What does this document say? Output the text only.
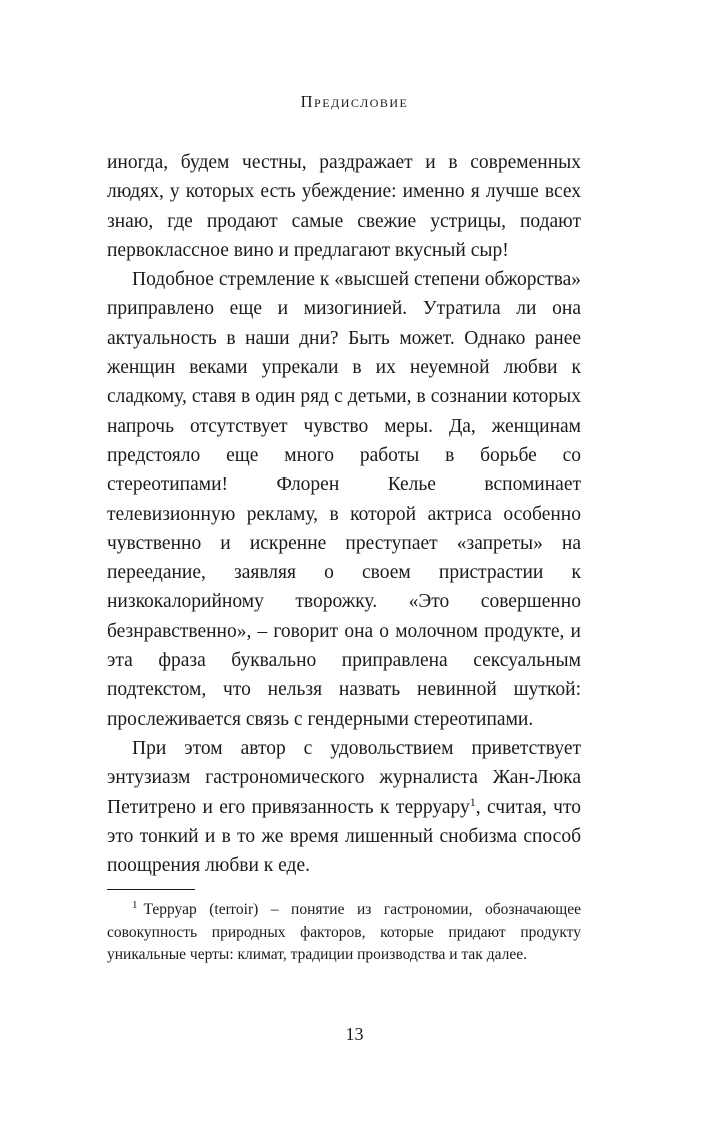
Предисловие

иногда, будем честны, раздражает и в современных людях, у которых есть убеждение: именно я лучше всех знаю, где продают самые свежие устрицы, подают первоклассное вино и предлагают вкусный сыр!

Подобное стремление к «высшей степени обжорства» приправлено еще и мизогинией. Утратила ли она актуальность в наши дни? Быть может. Однако ранее женщин веками упрекали в их неуемной любви к сладкому, ставя в один ряд с детьми, в сознании которых напрочь отсутствует чувство меры. Да, женщинам предстояло еще много работы в борьбе со стереотипами! Флорен Келье вспоминает телевизионную рекламу, в которой актриса особенно чувственно и искренне преступает «запреты» на переедание, заявляя о своем пристрастии к низкокалорийному творожку. «Это совершенно безнравственно», – говорит она о молочном продукте, и эта фраза буквально приправлена сексуальным подтекстом, что нельзя назвать невинной шуткой: прослеживается связь с гендерными стереотипами.

При этом автор с удовольствием приветствует энтузиазм гастрономического журналиста Жан-Люка Петитрено и его привязанность к терруару$^1$, считая, что это тонкий и в то же время лишенный снобизма способ поощрения любви к еде.

$^1$ Терруар (terroir) – понятие из гастрономии, обозначающее совокупность природных факторов, которые придают продукту уникальные черты: климат, традиции производства и так далее.

13
